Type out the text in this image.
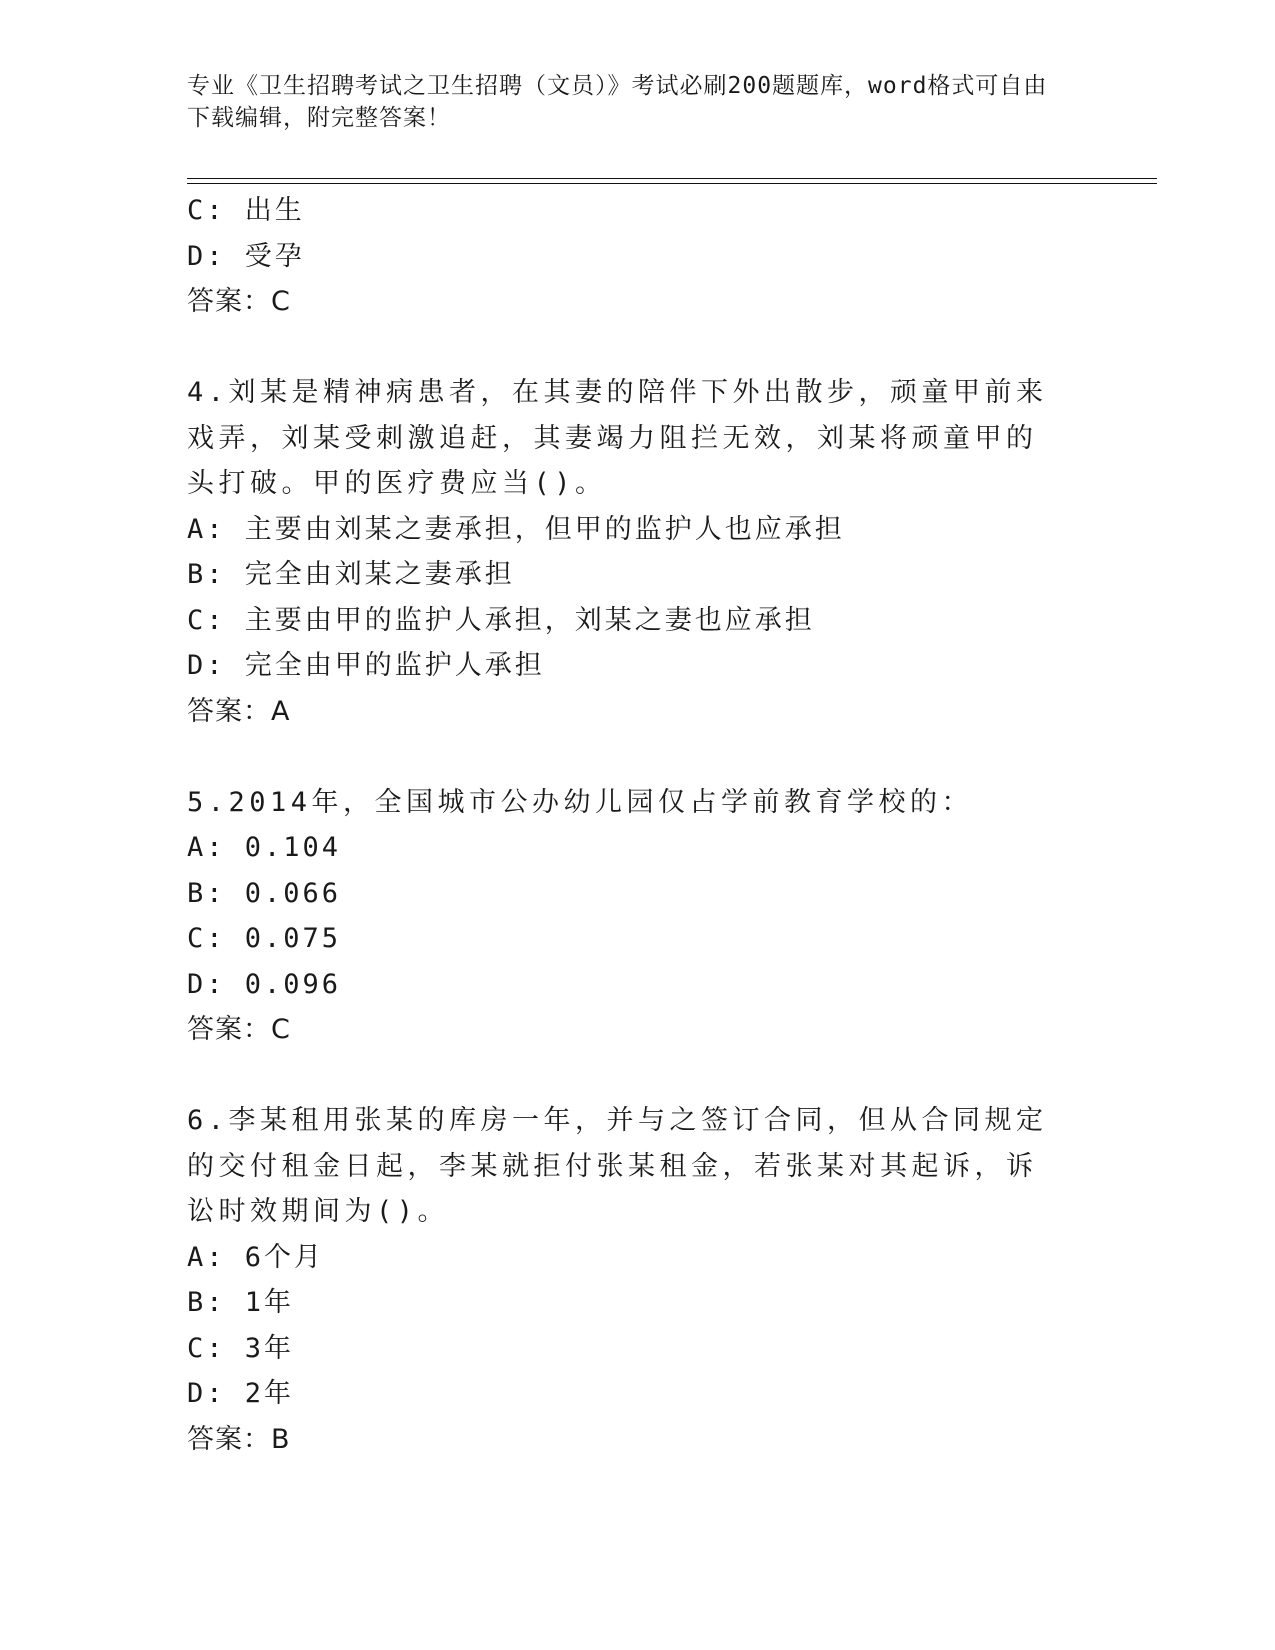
专业《卫生招聘考试之卫生招聘（文员）》考试必刷200题题库，word格式可自由下载编辑，附完整答案！
C: 出生
D: 受孕
答案：C
4.刘某是精神病患者，在其妻的陪伴下外出散步，顽童甲前来戏弄，刘某受刺激追赶，其妻竭力阻拦无效，刘某将顽童甲的头打破。甲的医疗费应当()。
A: 主要由刘某之妻承担，但甲的监护人也应承担
B: 完全由刘某之妻承担
C: 主要由甲的监护人承担，刘某之妻也应承担
D: 完全由甲的监护人承担
答案：A
5.2014年，全国城市公办幼儿园仅占学前教育学校的：
A: 0.104
B: 0.066
C: 0.075
D: 0.096
答案：C
6.李某租用张某的库房一年，并与之签订合同，但从合同规定的交付租金日起，李某就拒付张某租金，若张某对其起诉，诉讼时效期间为()。
A: 6个月
B: 1年
C: 3年
D: 2年
答案：B
